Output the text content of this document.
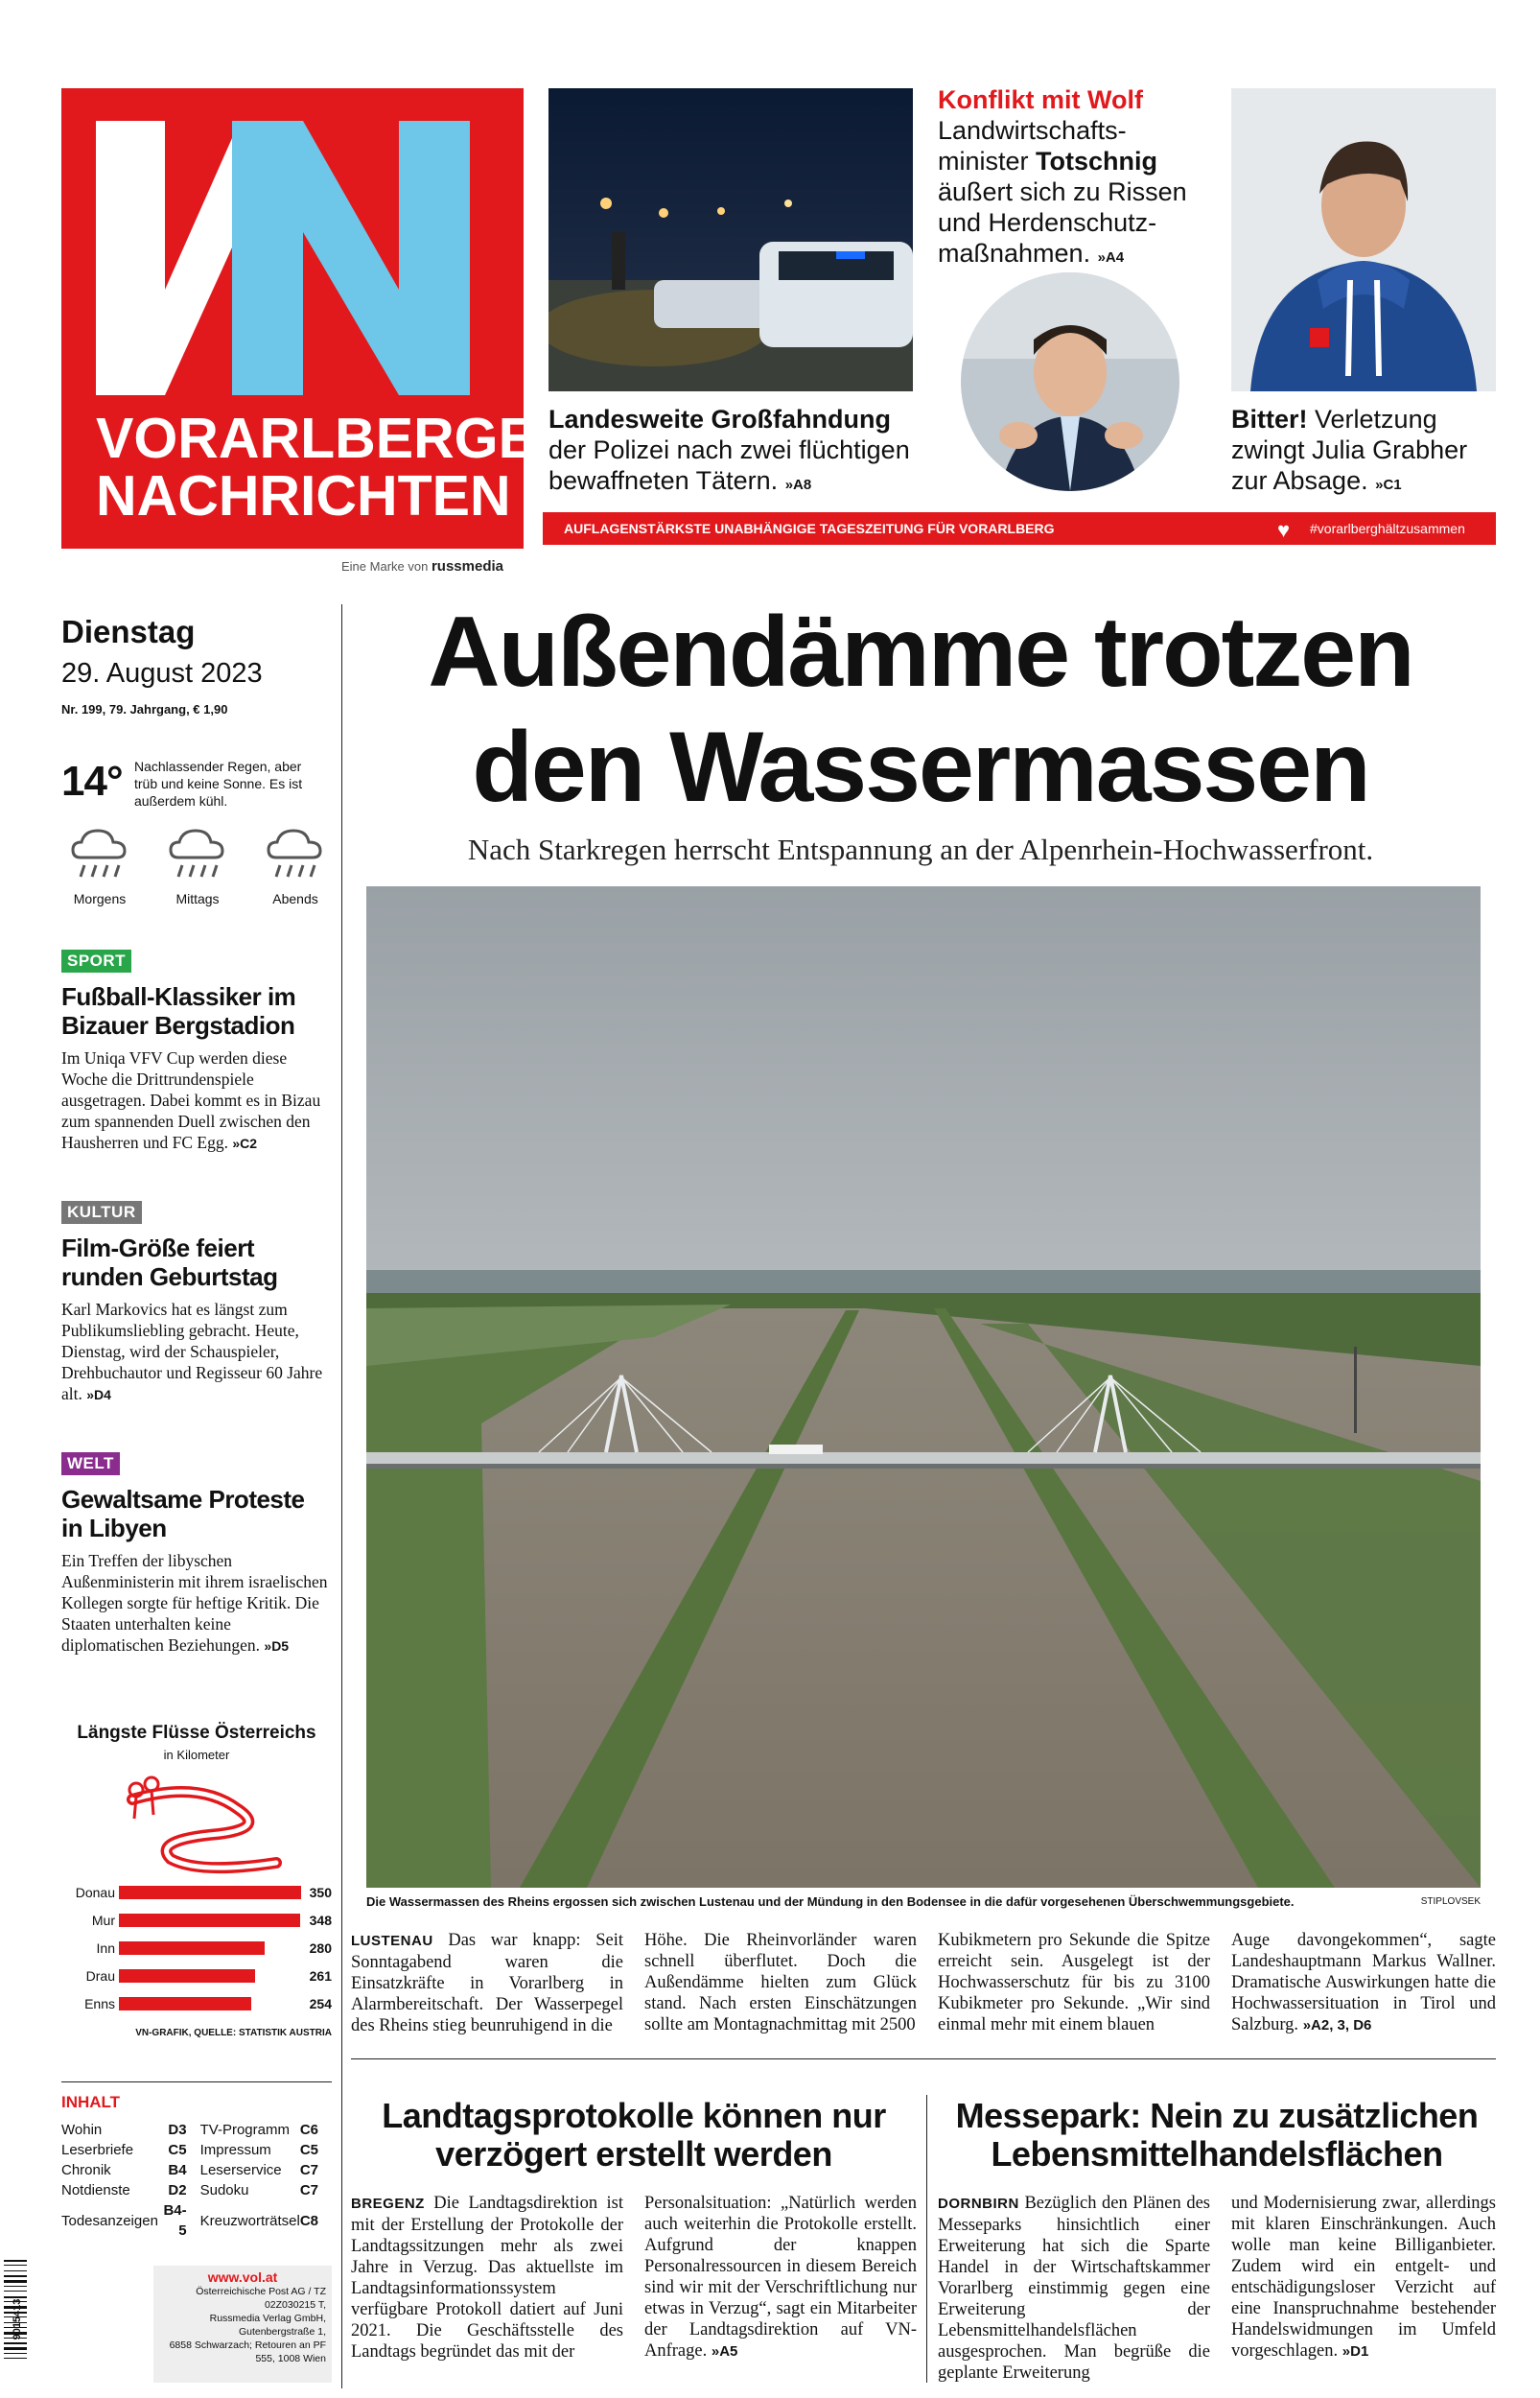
VORARLBERGER
NACHRICHTEN
Eine Marke von russmedia
Landesweite Großfahndung der Polizei nach zwei flüchtigen bewaffneten Tätern. »A8
Konflikt mit Wolf
Landwirtschafts-minister Totschnig äußert sich zu Rissen und Herdenschutz-maßnahmen. »A4
Bitter! Verletzung zwingt Julia Grabher zur Absage. »C1
AUFLAGENSTÄRKSTE UNABHÄNGIGE TAGESZEITUNG FÜR VORARLBERG	♥ #vorarlberghältzusammen
Dienstag
29. August 2023
Nr. 199, 79. Jahrgang, € 1,90
14° Nachlassender Regen, aber trüb und keine Sonne. Es ist außerdem kühl.
Morgens	Mittags	Abends
SPORT
Fußball-Klassiker im Bizauer Bergstadion
Im Uniqa VFV Cup werden diese Woche die Drittrundenspiele ausgetragen. Dabei kommt es in Bizau zum spannenden Duell zwischen den Hausherren und FC Egg. »C2
KULTUR
Film-Größe feiert runden Geburtstag
Karl Markovics hat es längst zum Publikumsliebling gebracht. Heute, Dienstag, wird der Schauspieler, Drehbuchautor und Regisseur 60 Jahre alt. »D4
WELT
Gewaltsame Proteste in Libyen
Ein Treffen der libyschen Außenministerin mit ihrem israelischen Kollegen sorgte für heftige Kritik. Die Staaten unterhalten keine diplomatischen Beziehungen. »D5
Längste Flüsse Österreichs
in Kilometer
Donau	350
Mur	348
Inn	280
Drau	261
Enns	254
VN-GRAFIK, QUELLE: STATISTIK AUSTRIA
INHALT
Wohin	D3	TV-Programm	C6
Leserbriefe	C5	Impressum	C5
Chronik	B4	Leserservice	C7
Notdienste	D2	Sudoku	C7
Todesanzeigen	B4-5	Kreuzworträtsel	C8
www.vol.at
Österreichische Post AG / TZ 02Z030215 T,
Russmedia Verlag GmbH, Gutenbergstraße 1,
6858 Schwarzach; Retouren an PF 555, 1008 Wien
9015413
Außendämme trotzen
den Wassermassen
Nach Starkregen herrscht Entspannung an der Alpenrhein-Hochwasserfront.
Die Wassermassen des Rheins ergossen sich zwischen Lustenau und der Mündung in den Bodensee in die dafür vorgesehenen Überschwemmungsgebiete.	STIPLOVSEK
LUSTENAU Das war knapp: Seit Sonntagabend waren die Einsatzkräfte in Vorarlberg in Alarmbereitschaft. Der Wasserpegel des Rheins stieg beunruhigend in die
Höhe. Die Rheinvorländer waren schnell überflutet. Doch die Außendämme hielten zum Glück stand. Nach ersten Einschätzungen sollte am Montagnachmittag mit 2500
Kubikmetern pro Sekunde die Spitze erreicht sein. Ausgelegt ist der Hochwasserschutz für bis zu 3100 Kubikmeter pro Sekunde. „Wir sind einmal mehr mit einem blauen
Auge davongekommen“, sagte Landeshauptmann Markus Wallner. Dramatische Auswirkungen hatte die Hochwassersituation in Tirol und Salzburg. »A2, 3, D6
Landtagsprotokolle können nur verzögert erstellt werden
BREGENZ Die Landtagsdirektion ist mit der Erstellung der Protokolle der Landtagssitzungen mehr als zwei Jahre in Verzug. Das aktuellste im Landtagsinformationssystem verfügbare Protokoll datiert auf Juni 2021. Die Geschäftsstelle des Landtags begründet das mit der
Personalsituation: „Natürlich werden auch weiterhin die Protokolle erstellt. Aufgrund der knappen Personalressourcen in diesem Bereich sind wir mit der Verschriftlichung nur etwas in Verzug“, sagt ein Mitarbeiter der Landtagsdirektion auf VN-Anfrage. »A5
Messepark: Nein zu zusätzlichen Lebensmittelhandelsflächen
DORNBIRN Bezüglich den Plänen des Messeparks hinsichtlich einer Erweiterung hat sich die Sparte Handel in der Wirtschaftskammer Vorarlberg einstimmig gegen eine Erweiterung der Lebensmittelhandelsflächen ausgesprochen. Man begrüße die geplante Erweiterung
und Modernisierung zwar, allerdings mit klaren Einschränkungen. Auch wolle man keine Billiganbieter. Zudem wird ein entgelt- und entschädigungsloser Verzicht auf eine Inanspruchnahme bestehender Handelswidmungen im Umfeld vorgeschlagen. »D1
